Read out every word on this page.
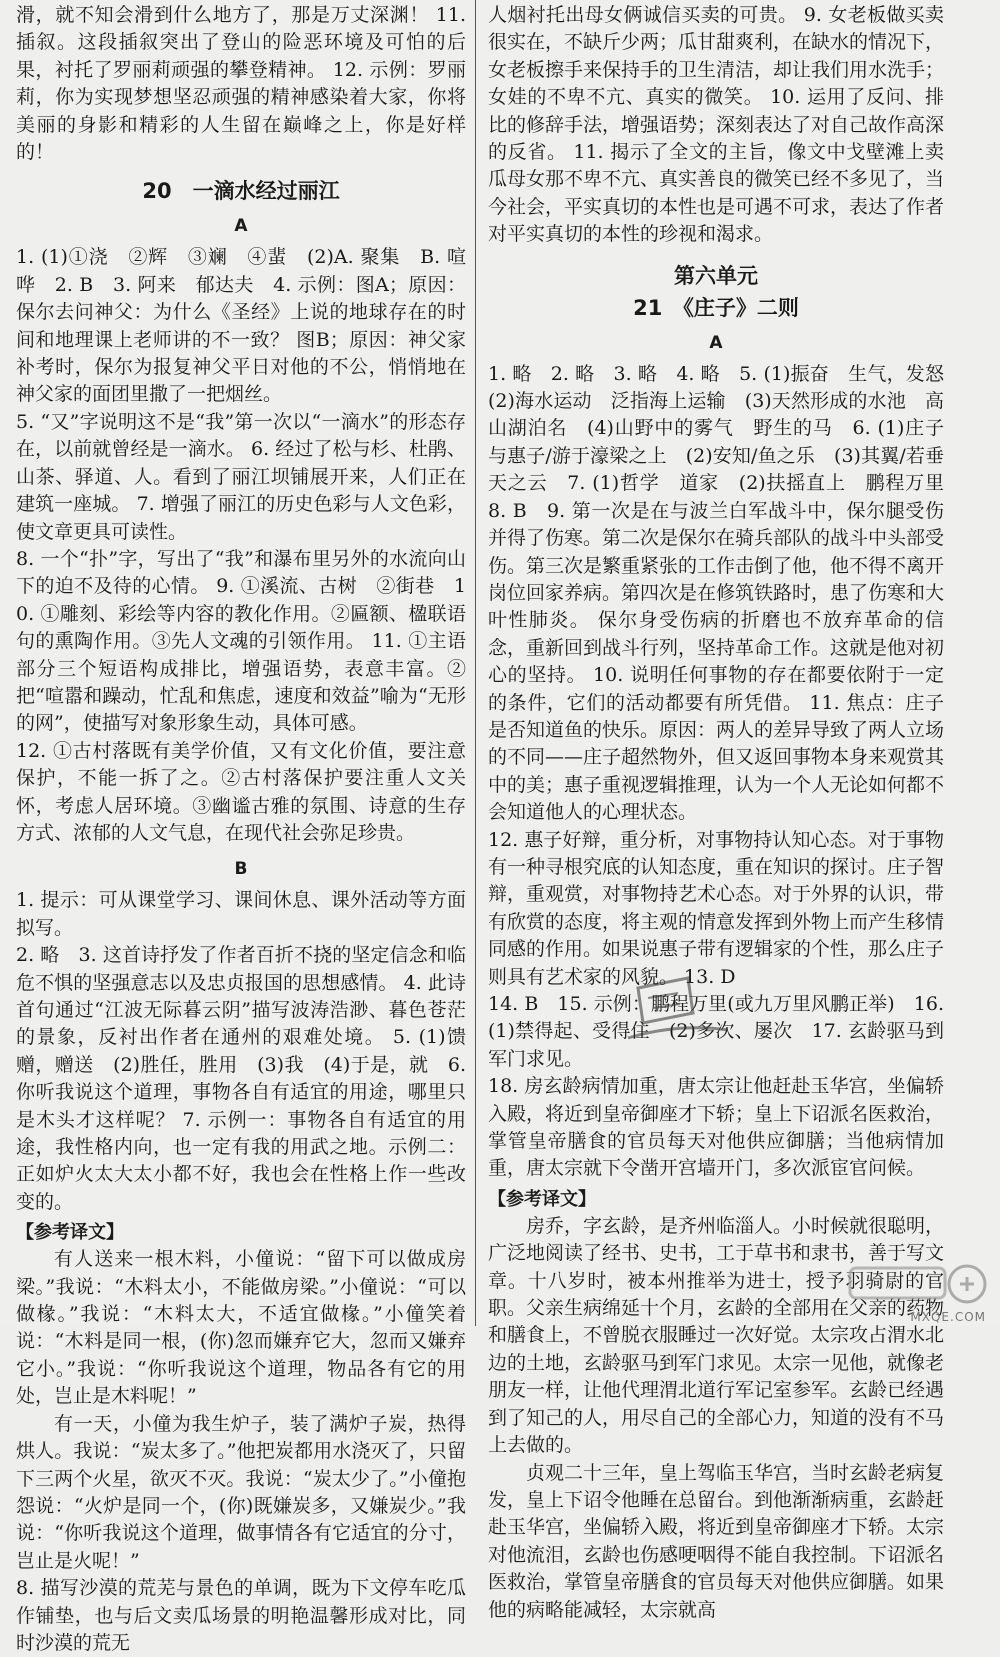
滑，就不知会滑到什么地方了，那是万丈深渊！ 11. 插叙。这段插叙突出了登山的险恶环境及可怕的后果，衬托了罗丽莉顽强的攀登精神。 12. 示例：罗丽莉，你为实现梦想坚忍顽强的精神感染着大家，你将美丽的身影和精彩的人生留在巅峰之上，你是好样的！

20　一滴水经过丽江
A

1. (1)①浇　②辉　③斓　④蜚　(2)A. 聚集　B. 喧哗　2. B　3. 阿来　郁达夫　4. 示例：图A；原因：保尔去问神父：为什么《圣经》上说的地球存在的时间和地理课上老师讲的不一致？ 图B；原因：神父家补考时，保尔为报复神父平日对他的不公，悄悄地在神父家的面团里撒了一把烟丝。

5. “又”字说明这不是“我”第一次以“一滴水”的形态存在，以前就曾经是一滴水。 6. 经过了松与杉、杜鹃、山茶、驿道、人。看到了丽江坝铺展开来，人们正在建筑一座城。 7. 增强了丽江的历史色彩与人文色彩，使文章更具可读性。

8. 一个“扑”字，写出了“我”和瀑布里另外的水流向山下的迫不及待的心情。 9. ①溪流、古树　②街巷　10. ①雕刻、彩绘等内容的教化作用。②匾额、楹联语句的熏陶作用。③先人文魂的引领作用。 11. ①主语部分三个短语构成排比，增强语势，表意丰富。②把“喧嚣和躁动，忙乱和焦虑，速度和效益”喻为“无形的网”，使描写对象形象生动，具体可感。

12. ①古村落既有美学价值，又有文化价值，要注意保护，不能一拆了之。②古村落保护要注重人文关怀，考虑人居环境。③幽谧古雅的氛围、诗意的生存方式、浓郁的人文气息，在现代社会弥足珍贵。

B

1. 提示：可从课堂学习、课间休息、课外活动等方面拟写。

2. 略　3. 这首诗抒发了作者百折不挠的坚定信念和临危不惧的坚强意志以及忠贞报国的思想感情。 4. 此诗首句通过“江波无际暮云阴”描写波涛浩渺、暮色苍茫的景象，反衬出作者在通州的艰难处境。 5. (1)馈赠，赠送　(2)胜任，胜用　(3)我　(4)于是，就　6. 你听我说这个道理，事物各自有适宜的用途，哪里只是木头才这样呢？ 7. 示例一：事物各自有适宜的用途，我性格内向，也一定有我的用武之地。示例二：正如炉火太大太小都不好，我也会在性格上作一些改变的。

【参考译文】

有人送来一根木料，小僮说：“留下可以做成房梁。”我说：“木料太小，不能做房梁。”小僮说：“可以做椽。”我说：“木料太大，不适宜做椽。”小僮笑着说：“木料是同一根，(你)忽而嫌弃它大，忽而又嫌弃它小。”我说：“你听我说这个道理，物品各有它的用处，岂止是木料呢！”

有一天，小僮为我生炉子，装了满炉子炭，热得烘人。我说：“炭太多了。”他把炭都用水浇灭了，只留下三两个火星，欲灭不灭。我说：“炭太少了。”小僮抱怨说：“火炉是同一个，(你)既嫌炭多，又嫌炭少。”我说：“你听我说这个道理，做事情各有它适宜的分寸，岂止是火呢！”

8. 描写沙漠的荒芜与景色的单调，既为下文停车吃瓜作铺垫，也与后文卖瓜场景的明艳温馨形成对比，同时沙漠的荒无

人烟衬托出母女俩诚信买卖的可贵。 9. 女老板做买卖很实在，不缺斤少两；瓜甘甜爽利，在缺水的情况下，女老板擦手来保持手的卫生清洁，却让我们用水洗手；女娃的不卑不亢、真实的微笑。 10. 运用了反问、排比的修辞手法，增强语势；深刻表达了对自己故作高深的反省。 11. 揭示了全文的主旨，像文中戈壁滩上卖瓜母女那不卑不亢、真实善良的微笑已经不多见了，当今社会，平实真切的本性也是可遇不可求，表达了作者对平实真切的本性的珍视和渴求。

第六单元
21　《庄子》二则
A

1. 略　2. 略　3. 略　4. 略　5. (1)振奋　生气，发怒　(2)海水运动　泛指海上运输　(3)天然形成的水池　高山湖泊名　(4)山野中的雾气　野生的马　6. (1)庄子与惠子/游于濠梁之上　(2)安知/鱼之乐　(3)其翼/若垂天之云　7. (1)哲学　道家　(2)扶摇直上　鹏程万里　8. B　9. 第一次是在与波兰白军战斗中，保尔腿受伤并得了伤寒。第二次是保尔在骑兵部队的战斗中头部受伤。第三次是繁重紧张的工作击倒了他，他不得不离开岗位回家养病。第四次是在修筑铁路时，患了伤寒和大叶性肺炎。 保尔身受伤病的折磨也不放弃革命的信念，重新回到战斗行列，坚持革命工作。这就是他对初心的坚持。 10. 说明任何事物的存在都要依附于一定的条件，它们的活动都要有所凭借。 11. 焦点：庄子是否知道鱼的快乐。原因：两人的差异导致了两人立场的不同——庄子超然物外，但又返回事物本身来观赏其中的美；惠子重视逻辑推理，认为一个人无论如何都不会知道他人的心理状态。

12. 惠子好辩，重分析，对事物持认知心态。对于事物有一种寻根究底的认知态度，重在知识的探讨。庄子智辩，重观赏，对事物持艺术心态。对于外界的认识，带有欣赏的态度，将主观的情意发挥到外物上而产生移情同感的作用。如果说惠子带有逻辑家的个性，那么庄子则具有艺术家的风貌。 13. D

14. B　15. 示例：鹏程万里(或九万里风鹏正举)　16. (1)禁得起、受得住　(2)多次、屡次　17. 玄龄驱马到军门求见。

18. 房玄龄病情加重，唐太宗让他赶赴玉华宫，坐偏轿入殿，将近到皇帝御座才下轿；皇上下诏派名医救治，掌管皇帝膳食的官员每天对他供应御膳；当他病情加重，唐太宗就下令凿开宫墙开门，多次派宦官问候。

【参考译文】

房乔，字玄龄，是齐州临淄人。小时候就很聪明，广泛地阅读了经书、史书，工于草书和隶书，善于写文章。十八岁时，被本州推举为进士，授予羽骑尉的官职。父亲生病绵延十个月，玄龄的全部用在父亲的药物和膳食上，不曾脱衣服睡过一次好觉。太宗攻占渭水北边的土地，玄龄驱马到军门求见。太宗一见他，就像老朋友一样，让他代理渭北道行军记室参军。玄龄已经遇到了知己的人，用尽自己的全部心力，知道的没有不马上去做的。

贞观二十三年，皇上驾临玉华宫，当时玄龄老病复发，皇上下诏令他睡在总留台。到他渐渐病重，玄龄赶赴玉华宫，坐偏轿入殿，将近到皇帝御座才下轿。太宗对他流泪，玄龄也伤感哽咽得不能自我控制。下诏派名医救治，掌管皇帝膳食的官员每天对他供应御膳。如果他的病略能减轻，太宗就高

MXQE.COM
